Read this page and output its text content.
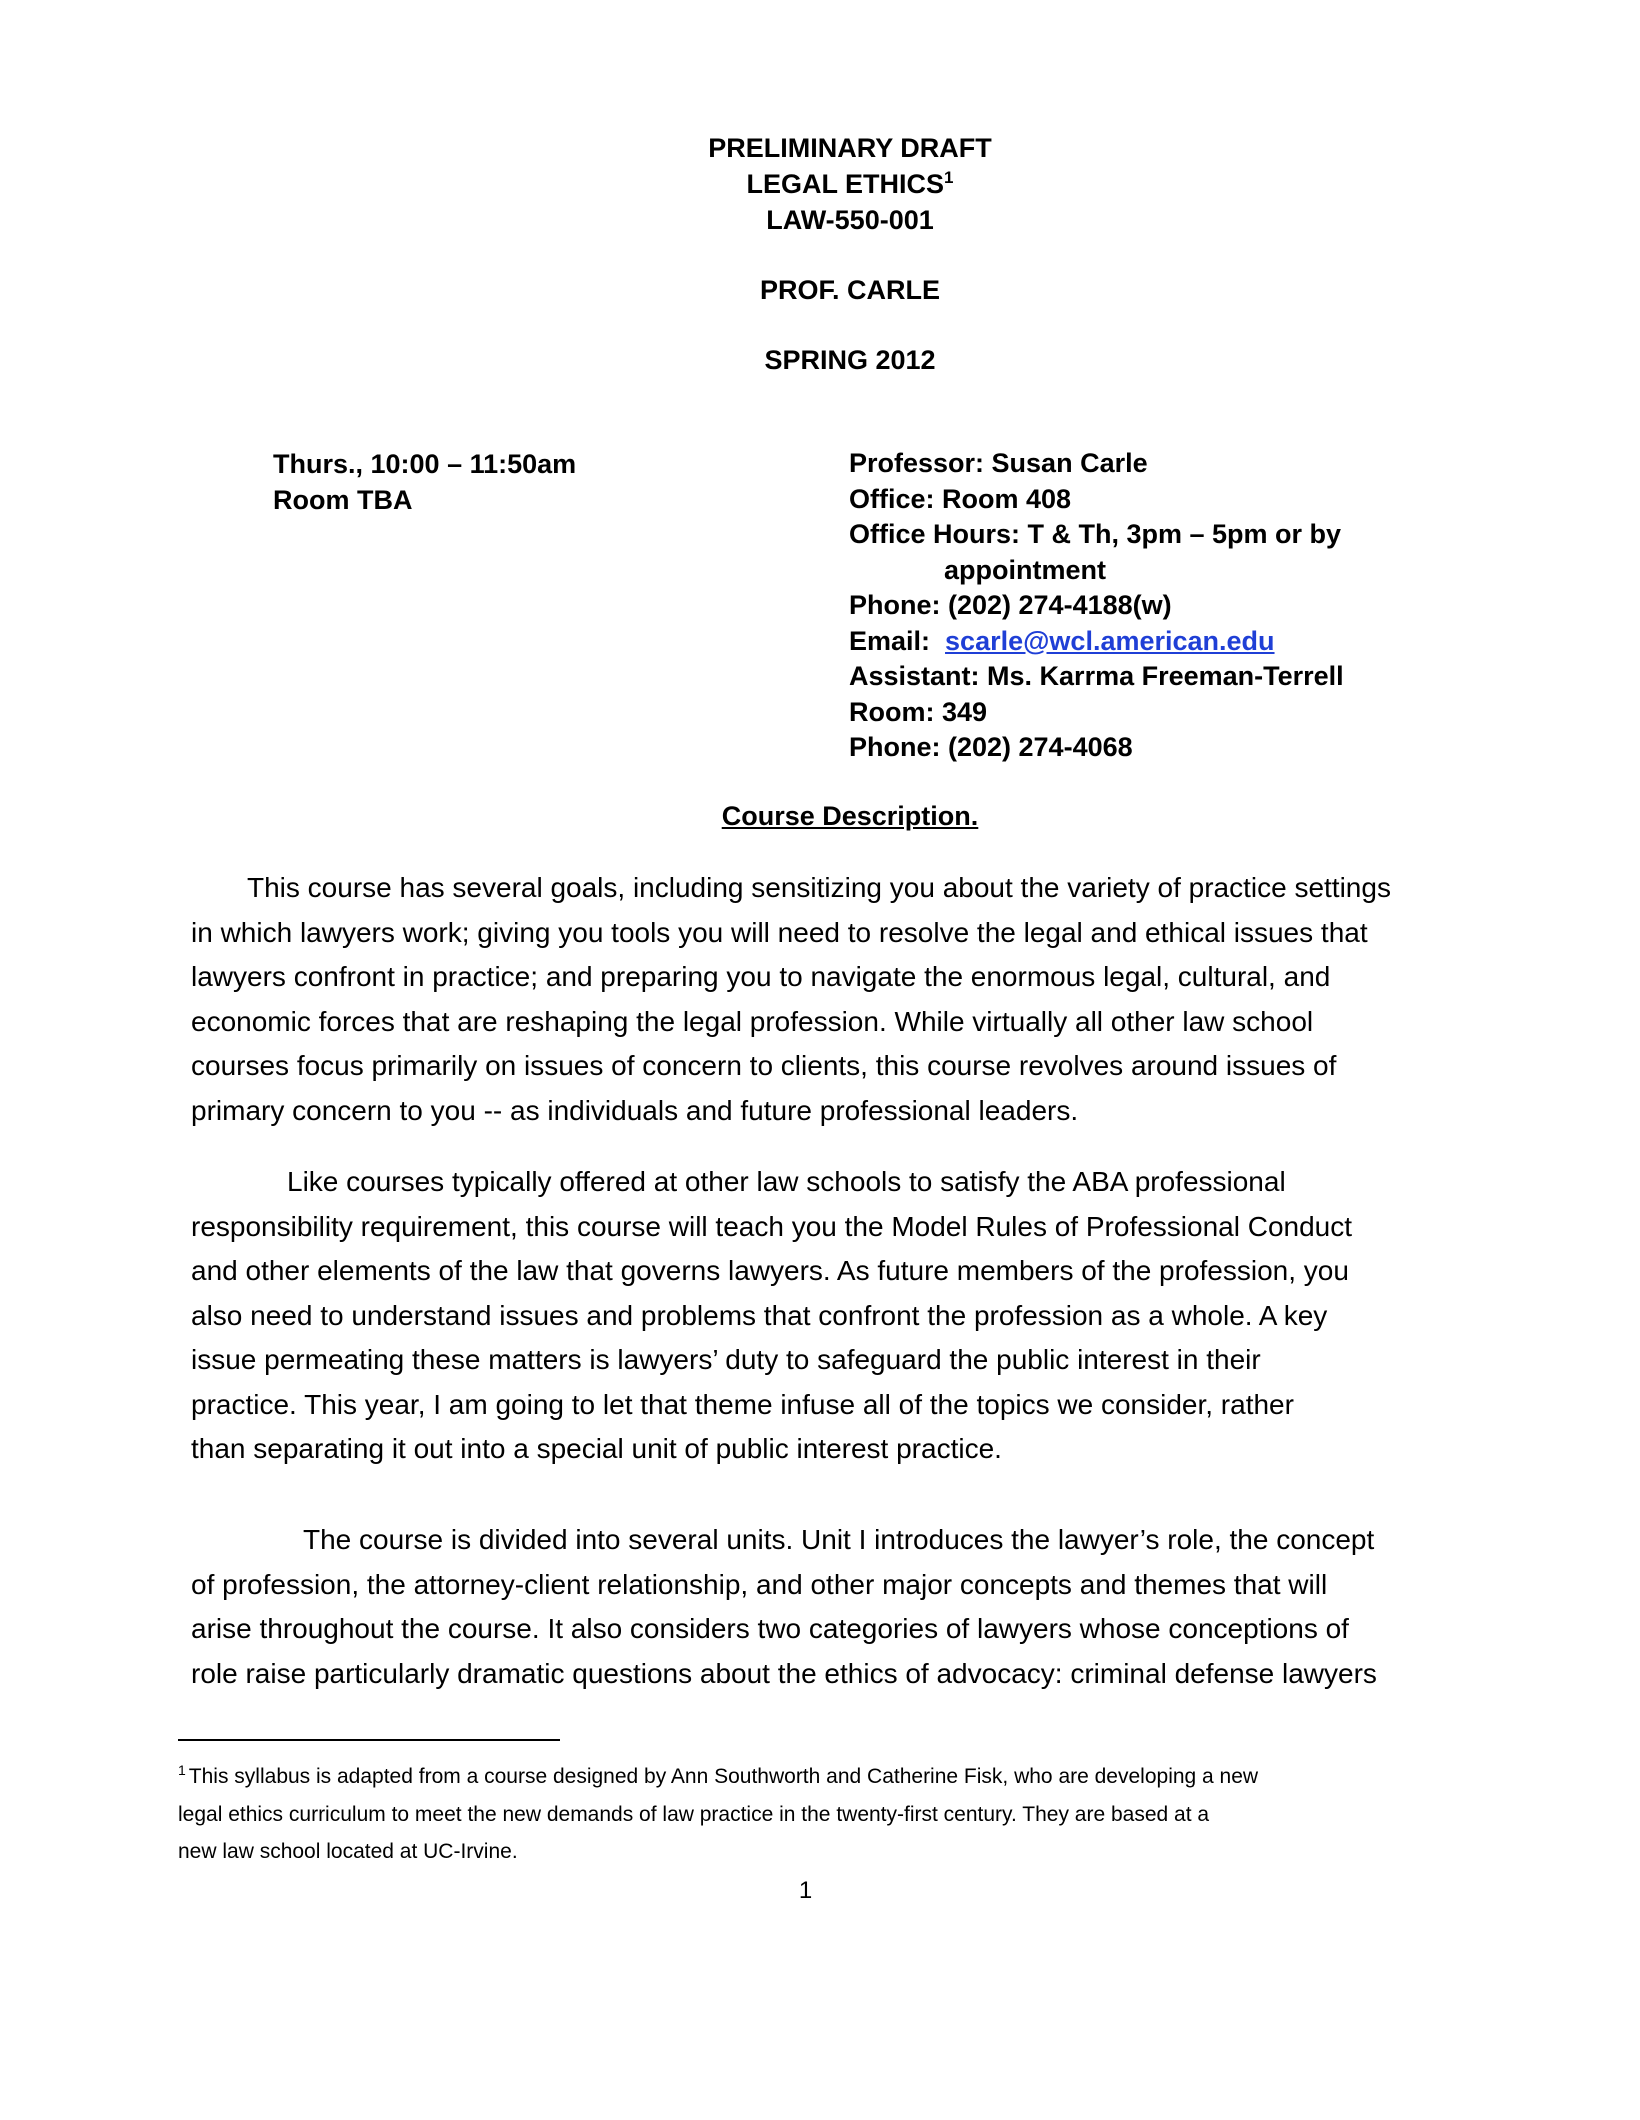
PRELIMINARY DRAFT
LEGAL ETHICS$^1$
LAW-550-001
PROF. CARLE
SPRING 2012
Thurs., 10:00 – 11:50am
Room TBA
Professor: Susan Carle
Office: Room 408
Office Hours: T & Th, 3pm – 5pm or by
appointment
Phone: (202) 274-4188(w)
Email:  scarle@wcl.american.edu
Assistant: Ms. Karrma Freeman-Terrell
Room: 349
Phone: (202) 274-4068
Course Description.
This course has several goals, including sensitizing you about the variety of practice settings
in which lawyers work; giving you tools you will need to resolve the legal and ethical issues that
lawyers confront in practice; and preparing you to navigate the enormous legal, cultural, and
economic forces that are reshaping the legal profession. While virtually all other law school
courses focus primarily on issues of concern to clients, this course revolves around issues of
primary concern to you -- as individuals and future professional leaders.
Like courses typically offered at other law schools to satisfy the ABA professional
responsibility requirement, this course will teach you the Model Rules of Professional Conduct
and other elements of the law that governs lawyers. As future members of the profession, you
also need to understand issues and problems that confront the profession as a whole. A key
issue permeating these matters is lawyers’ duty to safeguard the public interest in their
practice. This year, I am going to let that theme infuse all of the topics we consider, rather
than separating it out into a special unit of public interest practice.
The course is divided into several units. Unit I introduces the lawyer’s role, the concept
of profession, the attorney-client relationship, and other major concepts and themes that will
arise throughout the course. It also considers two categories of lawyers whose conceptions of
role raise particularly dramatic questions about the ethics of advocacy: criminal defense lawyers
$^1$ This syllabus is adapted from a course designed by Ann Southworth and Catherine Fisk, who are developing a new
legal ethics curriculum to meet the new demands of law practice in the twenty-first century. They are based at a
new law school located at UC-Irvine.
1
